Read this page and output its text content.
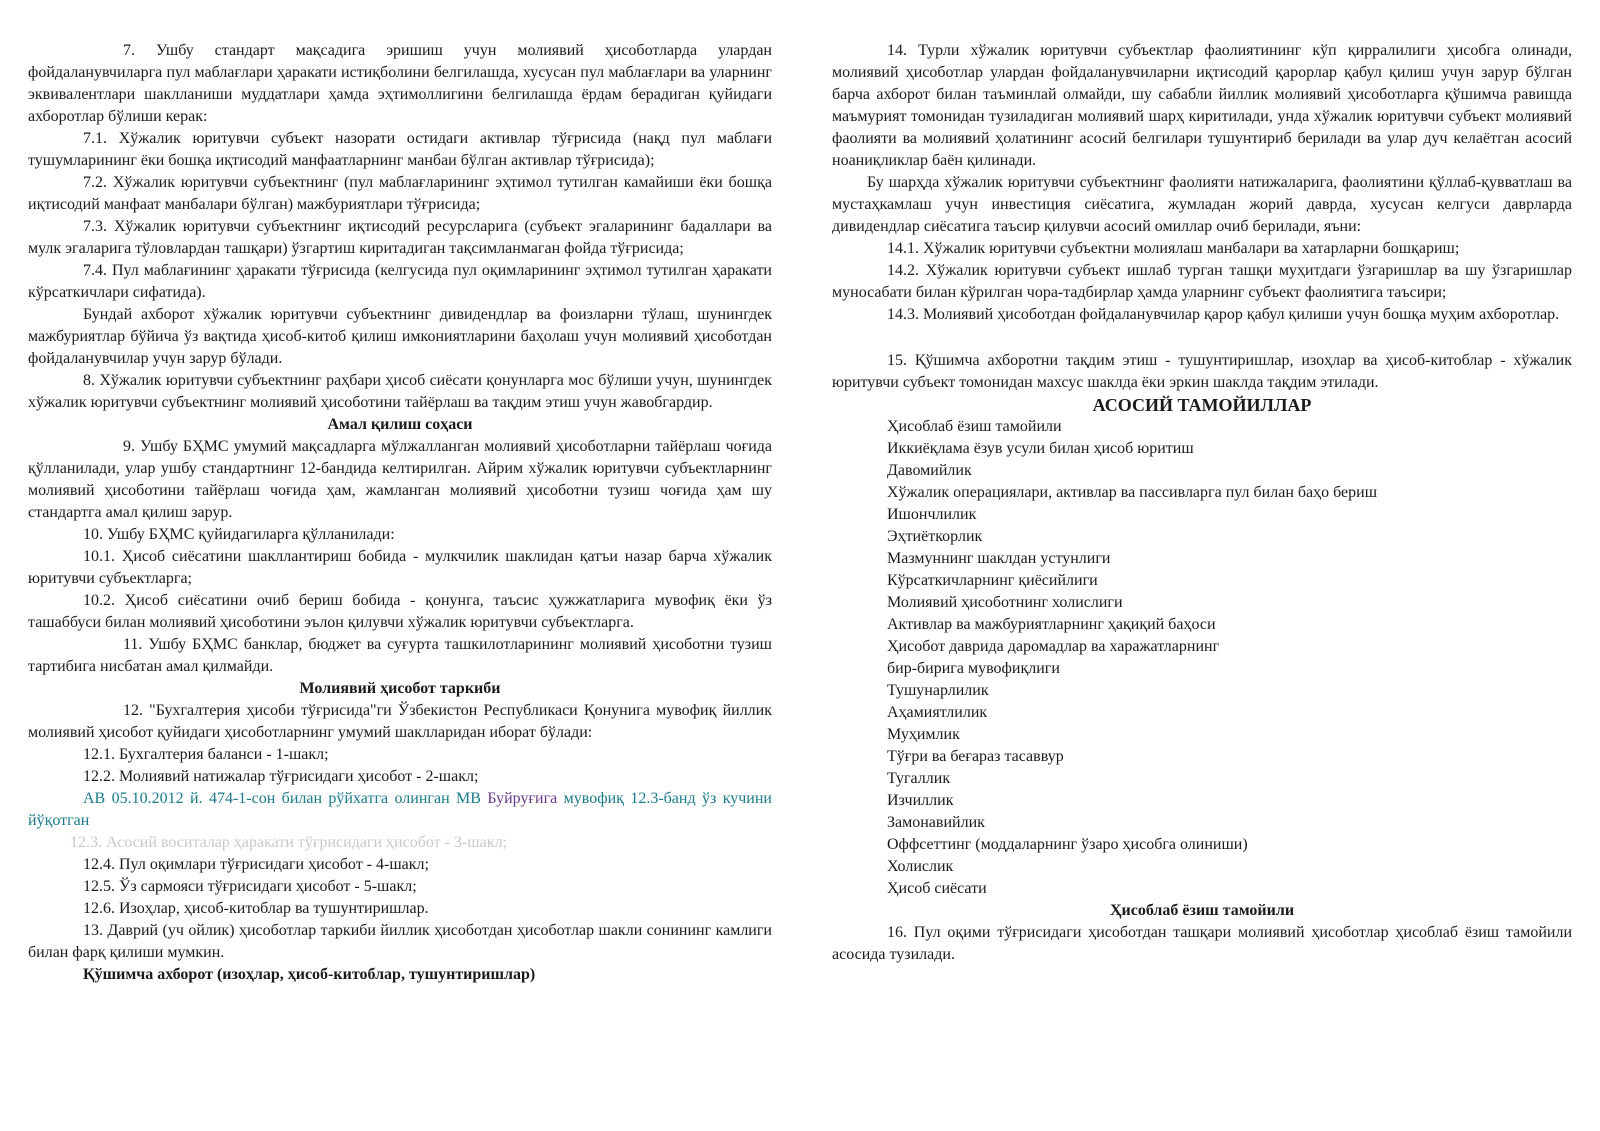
7. Ушбу стандарт мақсадига эришиш учун молиявий ҳисоботларда улардан фойдаланувчиларга пул маблағлари ҳаракати истиқболини белгилашда, хусусан пул маблағлари ва уларнинг эквивалентлари шаклланиши муддатлари ҳамда эҳтимоллигини белгилашда ёрдам берадиган қуйидаги ахборотлар бўлиши керак:

7.1. Хўжалик юритувчи субъект назорати остидаги активлар тўғрисида (нақд пул маблағи тушумларининг ёки бошқа иқтисодий манфаатларнинг манбаи бўлган активлар тўғрисида);

7.2. Хўжалик юритувчи субъектнинг (пул маблағларининг эҳтимол тутилган камайиши ёки бошқа иқтисодий манфаат манбалари бўлган) мажбуриятлари тўғрисида;

7.3. Хўжалик юритувчи субъектнинг иқтисодий ресурсларига (субъект эгаларининг бадаллари ва мулк эгаларига тўловлардан ташқари) ўзгартиш киритадиган тақсимланмаган фойда тўғрисида;

7.4. Пул маблағининг ҳаракати тўғрисида (келгусида пул оқимларининг эҳтимол тутилган ҳаракати кўрсаткичлари сифатида).

Бундай ахборот хўжалик юритувчи субъектнинг дивидендлар ва фоизларни тўлаш, шунингдек мажбуриятлар бўйича ўз вақтида ҳисоб-китоб қилиш имкониятларини баҳолаш учун молиявий ҳисоботдан фойдаланувчилар учун зарур бўлади.

8. Хўжалик юритувчи субъектнинг раҳбари ҳисоб сиёсати қонунларга мос бўлиши учун, шунингдек хўжалик юритувчи субъектнинг молиявий ҳисоботини тайёрлаш ва тақдим этиш учун жавобгардир.

Амал қилиш соҳаси

9. Ушбу БҲМС умумий мақсадларга мўлжалланган молиявий ҳисоботларни тайёрлаш чоғида қўлланилади, улар ушбу стандартнинг 12-бандида келтирилган. Айрим хўжалик юритувчи субъектларнинг молиявий ҳисоботини тайёрлаш чоғида ҳам, жамланган молиявий ҳисоботни тузиш чоғида ҳам шу стандартга амал қилиш зарур.

10. Ушбу БҲМС қуйидагиларга қўлланилади:

10.1. Ҳисоб сиёсатини шакллантириш бобида - мулкчилик шаклидан қатъи назар барча хўжалик юритувчи субъектларга;

10.2. Ҳисоб сиёсатини очиб бериш бобида - қонунга, таъсис ҳужжатларига мувофиқ ёки ўз ташаббуси билан молиявий ҳисоботини эълон қилувчи хўжалик юритувчи субъектларга.

11. Ушбу БҲМС банклар, бюджет ва суғурта ташкилотларининг молиявий ҳисоботни тузиш тартибига нисбатан амал қилмайди.

Молиявий ҳисобот таркиби

12. "Бухгалтерия ҳисоби тўғрисида"ги Ўзбекистон Республикаси Қонунига мувофиқ йиллик молиявий ҳисобот қуйидаги ҳисоботларнинг умумий шаклларидан иборат бўлади:

12.1. Бухгалтерия баланси - 1-шакл;

12.2. Молиявий натижалар тўғрисидаги ҳисобот - 2-шакл;

АВ 05.10.2012 й. 474-1-сон билан рўйхатга олинган МВ Буйруғига мувофиқ 12.3-банд ўз кучини йўқотган

12.3. Асосий воситалар ҳаракати тўғрисидаги ҳисобот - 3-шакл;

12.4. Пул оқимлари тўғрисидаги ҳисобот - 4-шакл;

12.5. Ўз сармояси тўғрисидаги ҳисобот - 5-шакл;

12.6. Изоҳлар, ҳисоб-китоблар ва тушунтиришлар.

13. Даврий (уч ойлик) ҳисоботлар таркиби йиллик ҳисоботдан ҳисоботлар шакли сонининг камлиги билан фарқ қилиши мумкин.

Қўшимча ахборот (изоҳлар, ҳисоб-китоблар, тушунтиришлар)

14. Турли хўжалик юритувчи субъектлар фаолиятининг кўп қирралилиги ҳисобга олинади, молиявий ҳисоботлар улардан фойдаланувчиларни иқтисодий қарорлар қабул қилиш учун зарур бўлган барча ахборот билан таъминлай олмайди, шу сабабли йиллик молиявий ҳисоботларга қўшимча равишда маъмурият томонидан тузиладиган молиявий шарҳ киритилади, унда хўжалик юритувчи субъект молиявий фаолияти ва молиявий ҳолатининг асосий белгилари тушунтириб берилади ва улар дуч келаётган асосий ноаниқликлар баён қилинади.

Бу шарҳда хўжалик юритувчи субъектнинг фаолияти натижаларига, фаолиятини қўллаб-қувватлаш ва мустаҳкамлаш учун инвестиция сиёсатига, жумладан жорий даврда, хусусан келгуси даврларда дивидендлар сиёсатига таъсир қилувчи асосий омиллар очиб берилади, яъни:

14.1. Хўжалик юритувчи субъектни молиялаш манбалари ва хатарларни бошқариш;

14.2. Хўжалик юритувчи субъект ишлаб турган ташқи муҳитдаги ўзгаришлар ва шу ўзгаришлар муносабати билан кўрилган чора-тадбирлар ҳамда уларнинг субъект фаолиятига таъсири;

14.3. Молиявий ҳисоботдан фойдаланувчилар қарор қабул қилиши учун бошқа муҳим ахборотлар.

15. Қўшимча ахборотни тақдим этиш - тушунтиришлар, изоҳлар ва ҳисоб-китоблар - хўжалик юритувчи субъект томонидан махсус шаклда ёки эркин шаклда тақдим этилади.

АСОСИЙ ТАМОЙИЛЛАР

Ҳисоблаб ёзиш тамойили

Иккиёқлама ёзув усули билан ҳисоб юритиш

Давомийлик

Хўжалик операциялари, активлар ва пассивларга пул билан баҳо бериш

Ишончлилик

Эҳтиёткорлик

Мазмуннинг шаклдан устунлиги

Кўрсаткичларнинг қиёсийлиги

Молиявий ҳисоботнинг холислиги

Активлар ва мажбуриятларнинг ҳақиқий баҳоси

Ҳисобот даврида даромадлар ва харажатларнинг

бир-бирига мувофиқлиги

Тушунарлилик

Аҳамиятлилик

Муҳимлик

Тўғри ва беғараз тасаввур

Тугаллик

Изчиллик

Замонавийлик

Оффсеттинг (моддаларнинг ўзаро ҳисобга олиниши)

Холислик

Ҳисоб сиёсати

Ҳисоблаб ёзиш тамойили

16. Пул оқими тўғрисидаги ҳисоботдан ташқари молиявий ҳисоботлар ҳисоблаб ёзиш тамойили асосида тузилади.
